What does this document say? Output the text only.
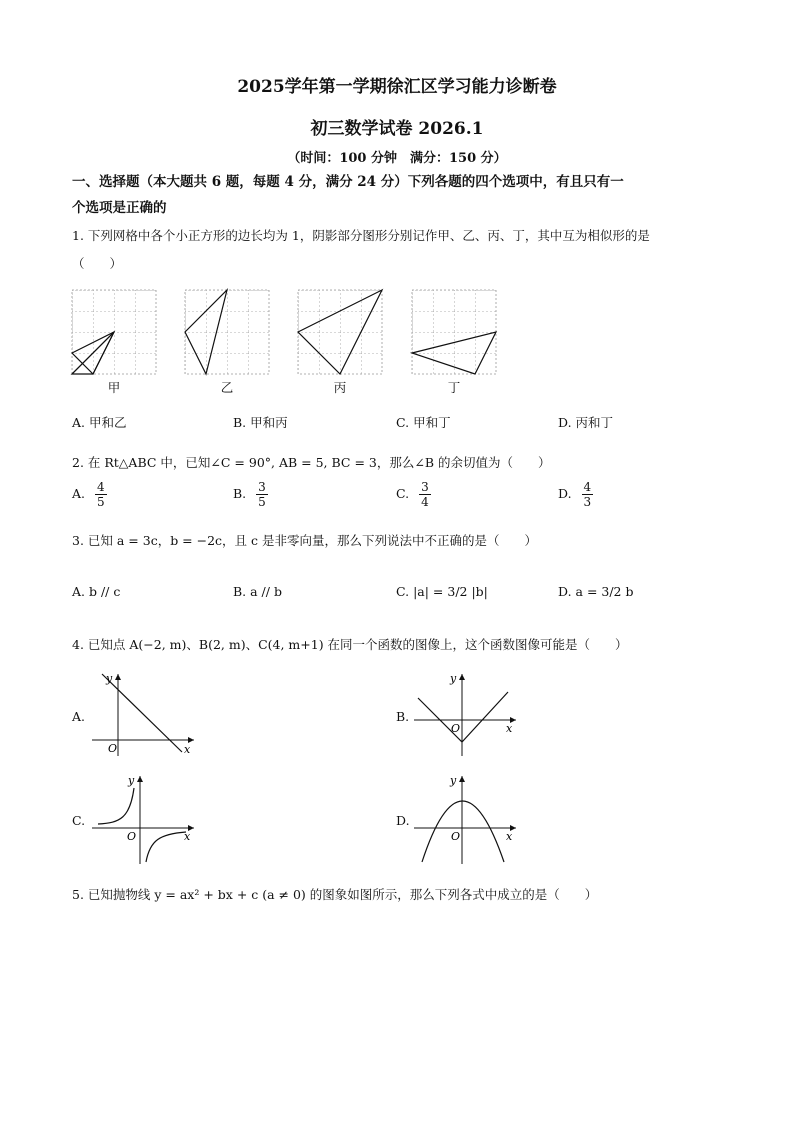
2025学年第一学期徐汇区学习能力诊断卷
初三数学试卷 2026.1
（时间：100 分钟　满分：150 分）
一、选择题（本大题共 6 题，每题 4 分，满分 24 分）下列各题的四个选项中，有且只有一
个选项是正确的
1. 下列网格中各个小正方形的边长均为 1，阴影部分图形分别记作甲、乙、丙、丁，其中互为相似形的是
（　　）
甲	乙	丙	丁
A. 甲和乙	B. 甲和丙	C. 甲和丁	D. 丙和丁
2. 在 Rt△ABC 中，已知∠C = 90°, AB = 5, BC = 3，那么∠B 的余切值为（　　）
A. $\frac{4}{5}$	B. $\frac{3}{5}$	C. $\frac{3}{4}$	D. $\frac{4}{3}$
3. 已知 a = 3c，b = −2c，且 c 是非零向量，那么下列说法中不正确的是（　　）
A. b // c	B. a // b	C. |a| = 3/2 |b|	D. a = 3/2 b
4. 已知点 A(−2, m)、B(2, m)、C(4, m+1) 在同一个函数的图像上，这个函数图像可能是（　　）
A.	B.
C.	D.
O	x
y
O	x
y
O	x
y
O	x
y
5. 已知抛物线 y = ax² + bx + c (a ≠ 0) 的图象如图所示，那么下列各式中成立的是（　　）
